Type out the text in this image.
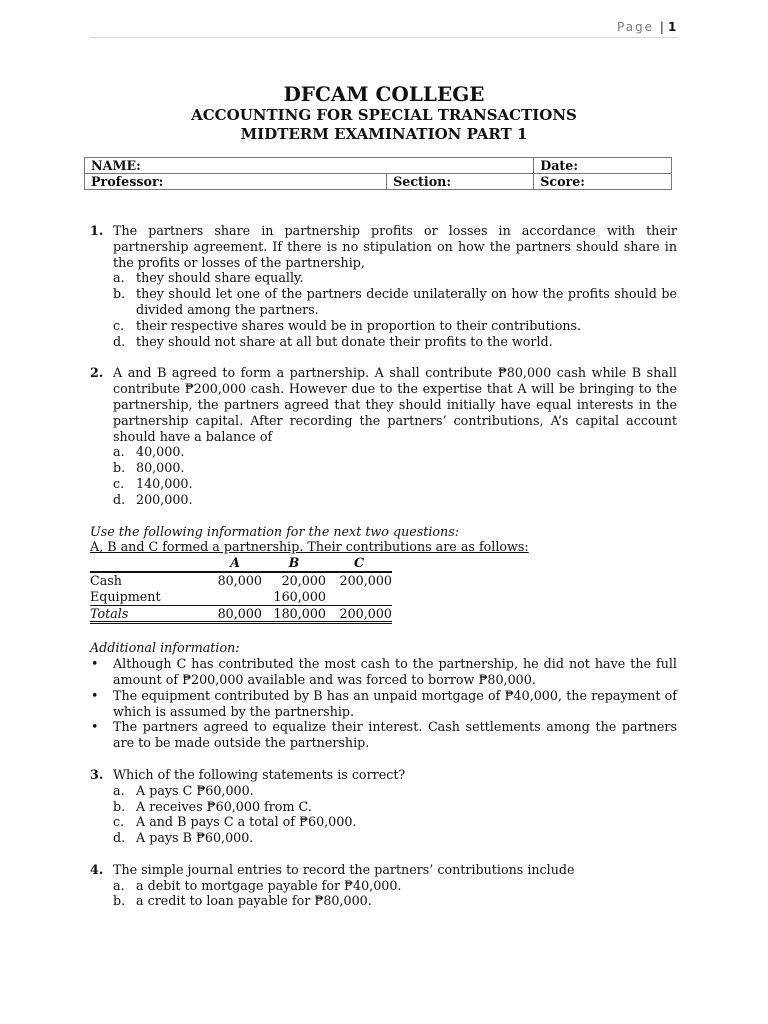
Page | 1
DFCAM COLLEGE
ACCOUNTING FOR SPECIAL TRANSACTIONS
MIDTERM EXAMINATION PART 1
NAME:		Date:
Professor:	Section:	Score:
1. The partners share in partnership profits or losses in accordance with their partnership agreement. If there is no stipulation on how the partners should share in the profits or losses of the partnership,
a. they should share equally.
b. they should let one of the partners decide unilaterally on how the profits should be divided among the partners.
c. their respective shares would be in proportion to their contributions.
d. they should not share at all but donate their profits to the world.
2. A and B agreed to form a partnership. A shall contribute ₱80,000 cash while B shall contribute ₱200,000 cash. However due to the expertise that A will be bringing to the partnership, the partners agreed that they should initially have equal interests in the partnership capital. After recording the partners’ contributions, A’s capital account should have a balance of
a. 40,000.
b. 80,000.
c. 140,000.
d. 200,000.
Use the following information for the next two questions:
A, B and C formed a partnership. Their contributions are as follows:
	A	B	C
Cash	80,000	20,000	200,000
Equipment		160,000	
Totals	80,000	180,000	200,000
Additional information:
• Although C has contributed the most cash to the partnership, he did not have the full amount of ₱200,000 available and was forced to borrow ₱80,000.
• The equipment contributed by B has an unpaid mortgage of ₱40,000, the repayment of which is assumed by the partnership.
• The partners agreed to equalize their interest. Cash settlements among the partners are to be made outside the partnership.
3. Which of the following statements is correct?
a. A pays C ₱60,000.
b. A receives ₱60,000 from C.
c. A and B pays C a total of ₱60,000.
d. A pays B ₱60,000.
4. The simple journal entries to record the partners’ contributions include
a. a debit to mortgage payable for ₱40,000.
b. a credit to loan payable for ₱80,000.
